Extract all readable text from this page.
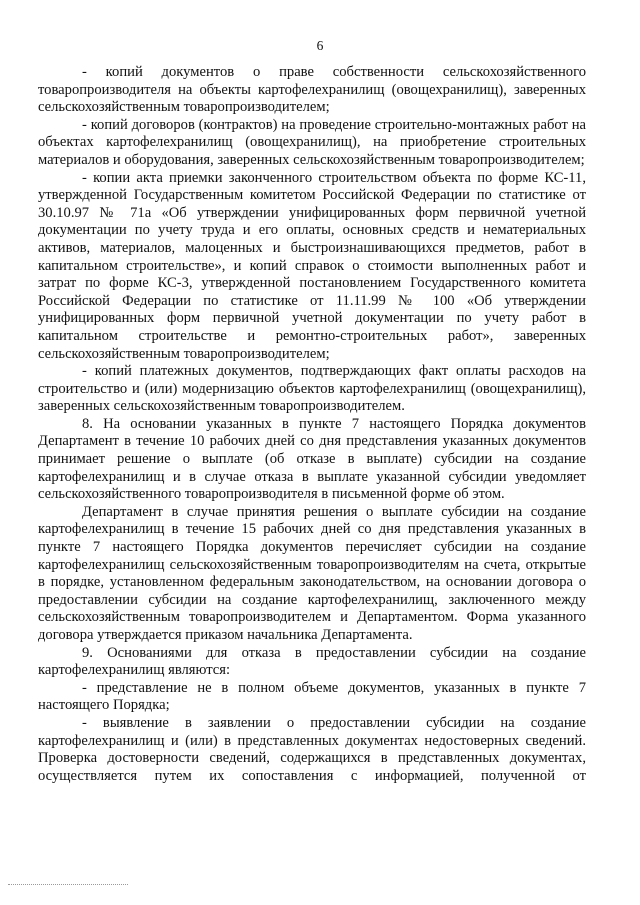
6

- копий документов о праве собственности сельскохозяйственного товаропроизводителя на объекты картофелехранилищ (овощехранилищ), заверенных сельскохозяйственным товаропроизводителем;

- копий договоров (контрактов) на проведение строительно-монтажных работ на объектах картофелехранилищ (овощехранилищ), на приобретение строительных материалов и оборудования, заверенных сельскохозяйственным товаропроизводителем;

- копии акта приемки законченного строительством объекта по форме КС-11, утвержденной Государственным комитетом Российской Федерации по статистике от 30.10.97 № 71а «Об утверждении унифицированных форм первичной учетной документации по учету труда и его оплаты, основных средств и нематериальных активов, материалов, малоценных и быстроизнашивающихся предметов, работ в капитальном строительстве», и копий справок о стоимости выполненных работ и затрат по форме КС-3, утвержденной постановлением Государственного комитета Российской Федерации по статистике от 11.11.99 № 100 «Об утверждении унифицированных форм первичной учетной документации по учету работ в капитальном строительстве и ремонтно-строительных работ», заверенных сельскохозяйственным товаропроизводителем;

- копий платежных документов, подтверждающих факт оплаты расходов на строительство и (или) модернизацию объектов картофелехранилищ (овощехранилищ), заверенных сельскохозяйственным товаропроизводителем.

8. На основании указанных в пункте 7 настоящего Порядка документов Департамент в течение 10 рабочих дней со дня представления указанных документов принимает решение о выплате (об отказе в выплате) субсидии на создание картофелехранилищ и в случае отказа в выплате указанной субсидии уведомляет сельскохозяйственного товаропроизводителя в письменной форме об этом.

Департамент в случае принятия решения о выплате субсидии на создание картофелехранилищ в течение 15 рабочих дней со дня представления указанных в пункте 7 настоящего Порядка документов перечисляет субсидии на создание картофелехранилищ сельскохозяйственным товаропроизводителям на счета, открытые в порядке, установленном федеральным законодательством, на основании договора о предоставлении субсидии на создание картофелехранилищ, заключенного между сельскохозяйственным товаропроизводителем и Департаментом. Форма указанного договора утверждается приказом начальника Департамента.

9. Основаниями для отказа в предоставлении субсидии на создание картофелехранилищ являются:

- представление не в полном объеме документов, указанных в пункте 7 настоящего Порядка;

- выявление в заявлении о предоставлении субсидии на создание картофелехранилищ и (или) в представленных документах недостоверных сведений. Проверка достоверности сведений, содержащихся в представленных документах, осуществляется путем их сопоставления с информацией, полученной от
